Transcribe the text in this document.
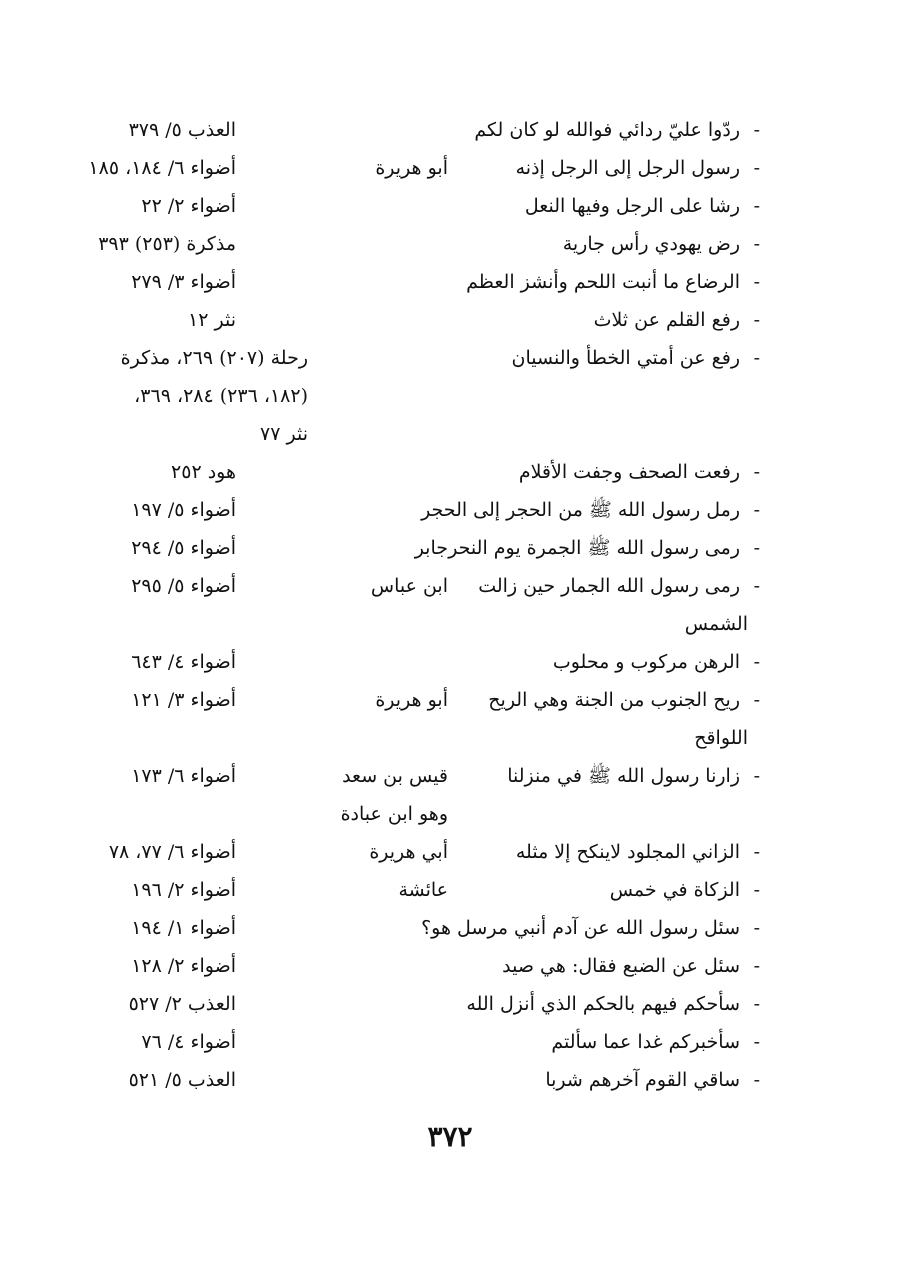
-
ردّوا عليّ ردائي فوالله لو كان لكم
العذب ٥/ ٣٧٩
-
رسول الرجل إلى الرجل إذنه
أبو هريرة
أضواء ٦/ ١٨٤، ١٨٥
-
رشا على الرجل وفيها النعل
أضواء ٢/ ٢٢
-
رض يهودي رأس جارية
مذكرة (٢٥٣) ٣٩٣
-
الرضاع ما أنبت اللحم وأنشز العظم
أضواء ٣/ ٢٧٩
-
رفع القلم عن ثلاث
نثر ١٢
-
رفع عن أمتي الخطأ والنسيان
رحلة (٢٠٧) ٢٦٩، مذكرة
(١٨٢، ٢٣٦) ٢٨٤، ٣٦٩،
نثر ٧٧
-
رفعت الصحف وجفت الأقلام
هود ٢٥٢
-
رمل رسول الله ﷺ من الحجر إلى الحجر
أضواء ٥/ ١٩٧
-
رمى رسول الله ﷺ الجمرة يوم النحر
جابر
أضواء ٥/ ٢٩٤
-
رمى رسول الله الجمار حين زالت
ابن عباس
أضواء ٥/ ٢٩٥
الشمس
-
الرهن مركوب و محلوب
أضواء ٤/ ٦٤٣
-
ريح الجنوب من الجنة وهي الريح
أبو هريرة
أضواء ٣/ ١٢١
اللواقح
-
زارنا رسول الله ﷺ في منزلنا
قيس بن سعد
أضواء ٦/ ١٧٣
وهو ابن عبادة
-
الزاني المجلود لاينكح إلا مثله
أبي هريرة
أضواء ٦/ ٧٧، ٧٨
-
الزكاة في خمس
عائشة
أضواء ٢/ ١٩٦
-
سئل رسول الله عن آدم أنبي مرسل هو؟
أضواء ١/ ١٩٤
-
سئل عن الضبع فقال: هي صيد
أضواء ٢/ ١٢٨
-
سأحكم فيهم بالحكم الذي أنزل الله
العذب ٢/ ٥٢٧
-
سأخبركم غدا عما سألتم
أضواء ٤/ ٧٦
-
ساقي القوم آخرهم شربا
العذب ٥/ ٥٢١
٣٧٢
